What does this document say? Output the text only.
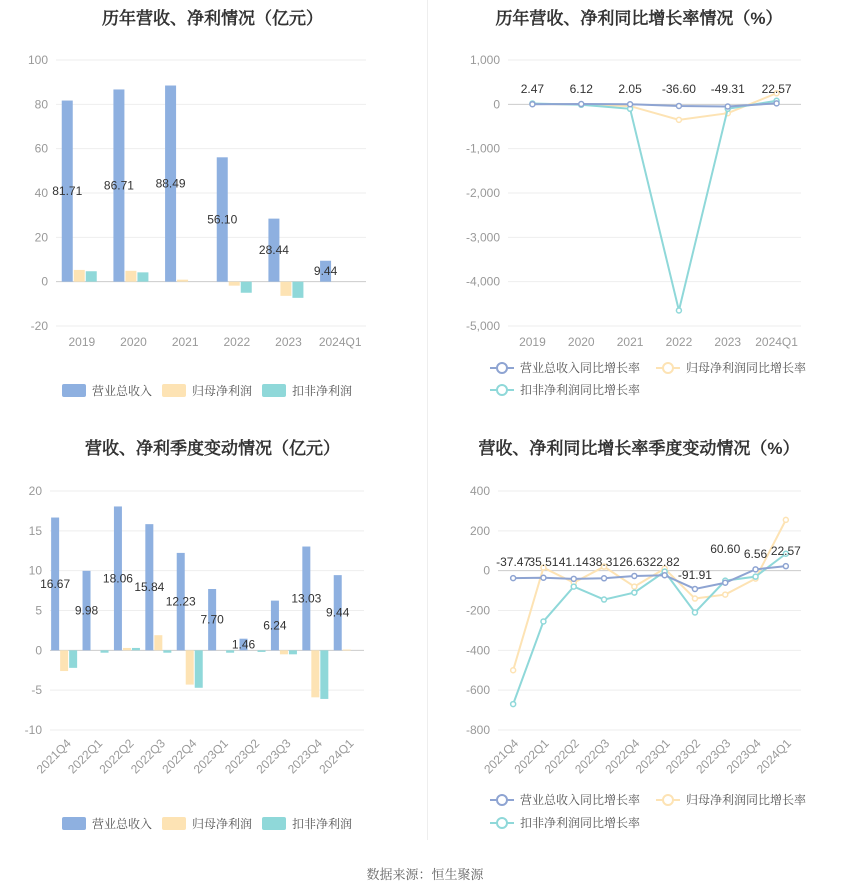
历年营收、净利情况（亿元）
-20
0
20
40
60
80
100
2019 2020 2021 2022 2023 2024Q1
81.71 86.71 88.49
56.10
28.44
9.44
营业总收入	归母净利润	扣非净利润
历年营收、净利同比增长率情况（%）
-5,000
-4,000
-3,000
-2,000
-1,000
0
1,000
2019 2020 2021 2022 2023 2024Q1
2.47 6.12 2.05 -36.60 -49.31 22.57
营业总收入同比增长率	归母净利润同比增长率
扣非净利润同比增长率
营收、净利季度变动情况（亿元）
-10
-5
0
5
10
15
20
2021Q4
2022Q1
2022Q2
2022Q3
2022Q4
2023Q1
2023Q2
2023Q3
2023Q4
2024Q1
16.67
9.98
18.06
15.84
12.23
7.70
1.46
6.24
13.03
9.44
营业总收入	归母净利润	扣非净利润
营收、净利同比增长率季度变动情况（%）
-800
-600
-400
-200
0
200
400
2021Q4
2022Q1
2022Q2
2022Q3
2022Q4
2023Q1
2023Q2
2023Q3
2023Q4
2024Q1
-37.47
35.51 41.14 38.31 26.63 22.82
-91.91
60.60 6.56 22.57
营业总收入同比增长率	归母净利润同比增长率
扣非净利润同比增长率
数据来源：恒生聚源
